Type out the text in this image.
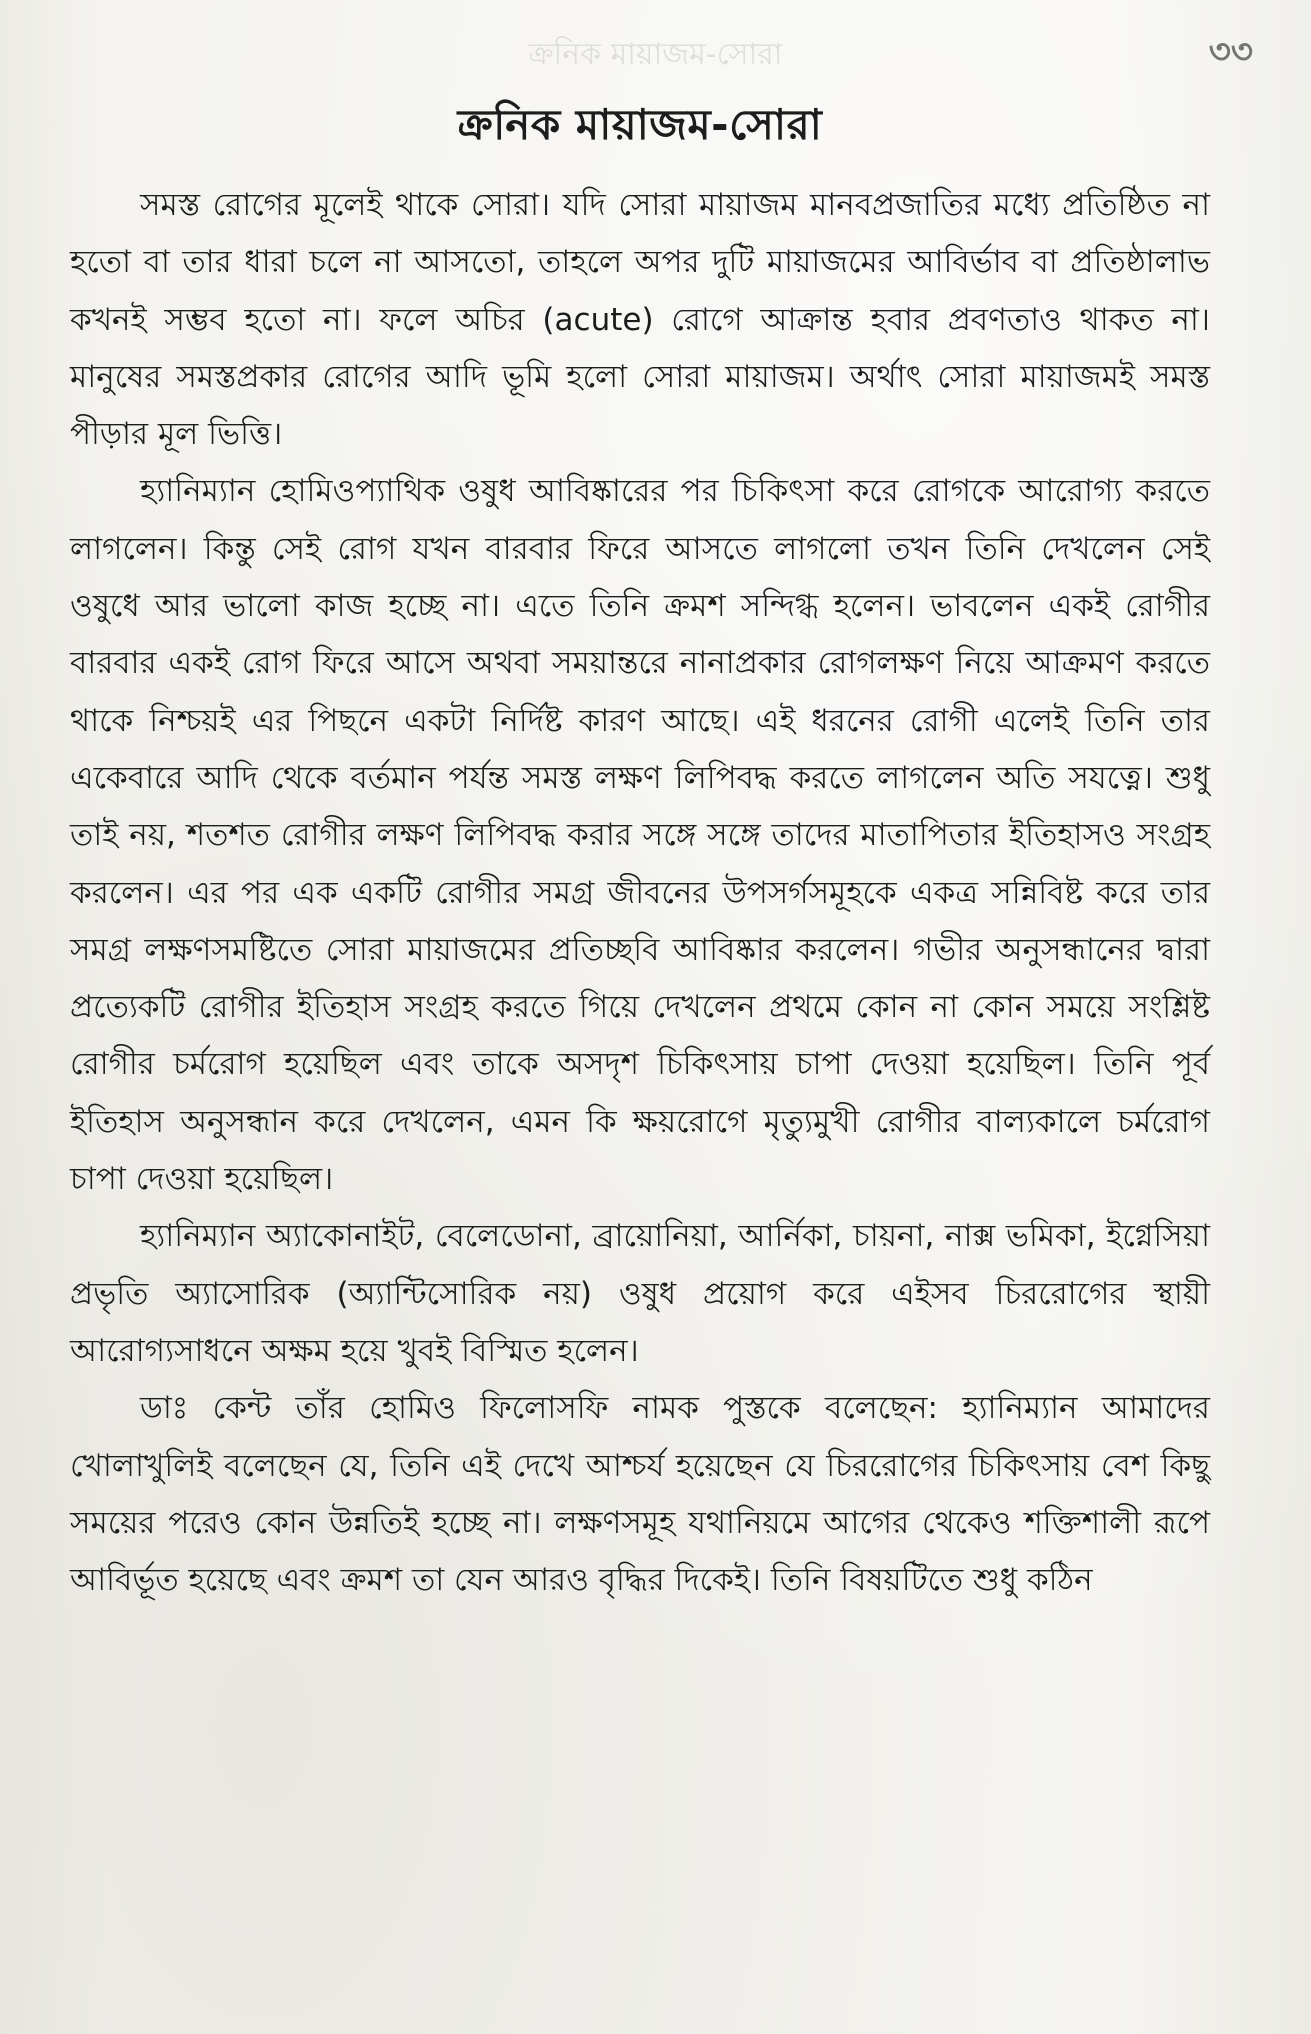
ক্রনিক মায়াজম-সোরা	৩৩
ক্রনিক মায়াজম-সোরা

সমস্ত রোগের মূলেই থাকে সোরা। যদি সোরা মায়াজম মানবপ্রজাতির মধ্যে প্রতিষ্ঠিত না হতো বা তার ধারা চলে না আসতো, তাহলে অপর দুটি মায়াজমের আবির্ভাব বা প্রতিষ্ঠালাভ কখনই সম্ভব হতো না। ফলে অচির (acute) রোগে আক্রান্ত হবার প্রবণতাও থাকত না। মানুষের সমস্তপ্রকার রোগের আদি ভূমি হলো সোরা মায়াজম। অর্থাৎ সোরা মায়াজমই সমস্ত পীড়ার মূল ভিত্তি।

হ্যানিম্যান হোমিওপ্যাথিক ওষুধ আবিষ্কারের পর চিকিৎসা করে রোগকে আরোগ্য করতে লাগলেন। কিন্তু সেই রোগ যখন বারবার ফিরে আসতে লাগলো তখন তিনি দেখলেন সেই ওষুধে আর ভালো কাজ হচ্ছে না। এতে তিনি ক্রমশ সন্দিগ্ধ হলেন। ভাবলেন একই রোগীর বারবার একই রোগ ফিরে আসে অথবা সময়ান্তরে নানাপ্রকার রোগলক্ষণ নিয়ে আক্রমণ করতে থাকে নিশ্চয়ই এর পিছনে একটা নির্দিষ্ট কারণ আছে। এই ধরনের রোগী এলেই তিনি তার একেবারে আদি থেকে বর্তমান পর্যন্ত সমস্ত লক্ষণ লিপিবদ্ধ করতে লাগলেন অতি সযত্নে। শুধু তাই নয়, শতশত রোগীর লক্ষণ লিপিবদ্ধ করার সঙ্গে সঙ্গে তাদের মাতাপিতার ইতিহাসও সংগ্রহ করলেন। এর পর এক একটি রোগীর সমগ্র জীবনের উপসর্গসমূহকে একত্র সন্নিবিষ্ট করে তার সমগ্র লক্ষণসমষ্টিতে সোরা মায়াজমের প্রতিচ্ছবি আবিষ্কার করলেন। গভীর অনুসন্ধানের দ্বারা প্রত্যেকটি রোগীর ইতিহাস সংগ্রহ করতে গিয়ে দেখলেন প্রথমে কোন না কোন সময়ে সংশ্লিষ্ট রোগীর চর্মরোগ হয়েছিল এবং তাকে অসদৃশ চিকিৎসায় চাপা দেওয়া হয়েছিল। তিনি পূর্ব ইতিহাস অনুসন্ধান করে দেখলেন, এমন কি ক্ষয়রোগে মৃত্যুমুখী রোগীর বাল্যকালে চর্মরোগ চাপা দেওয়া হয়েছিল।

হ্যানিম্যান অ্যাকোনাইট, বেলেডোনা, ব্রায়োনিয়া, আর্নিকা, চায়না, নাক্স ভমিকা, ইগ্নেসিয়া প্রভৃতি অ্যাসোরিক (অ্যান্টিসোরিক নয়) ওষুধ প্রয়োগ করে এইসব চিররোগের স্থায়ী আরোগ্যসাধনে অক্ষম হয়ে খুবই বিস্মিত হলেন।

ডাঃ কেন্ট তাঁর হোমিও ফিলোসফি নামক পুস্তকে বলেছেন: হ্যানিম্যান আমাদের খোলাখুলিই বলেছেন যে, তিনি এই দেখে আশ্চর্য হয়েছেন যে চিররোগের চিকিৎসায় বেশ কিছু সময়ের পরেও কোন উন্নতিই হচ্ছে না। লক্ষণসমূহ যথানিয়মে আগের থেকেও শক্তিশালী রূপে আবির্ভূত হয়েছে এবং ক্রমশ তা যেন আরও বৃদ্ধির দিকেই। তিনি বিষয়টিতে শুধু কঠিন
